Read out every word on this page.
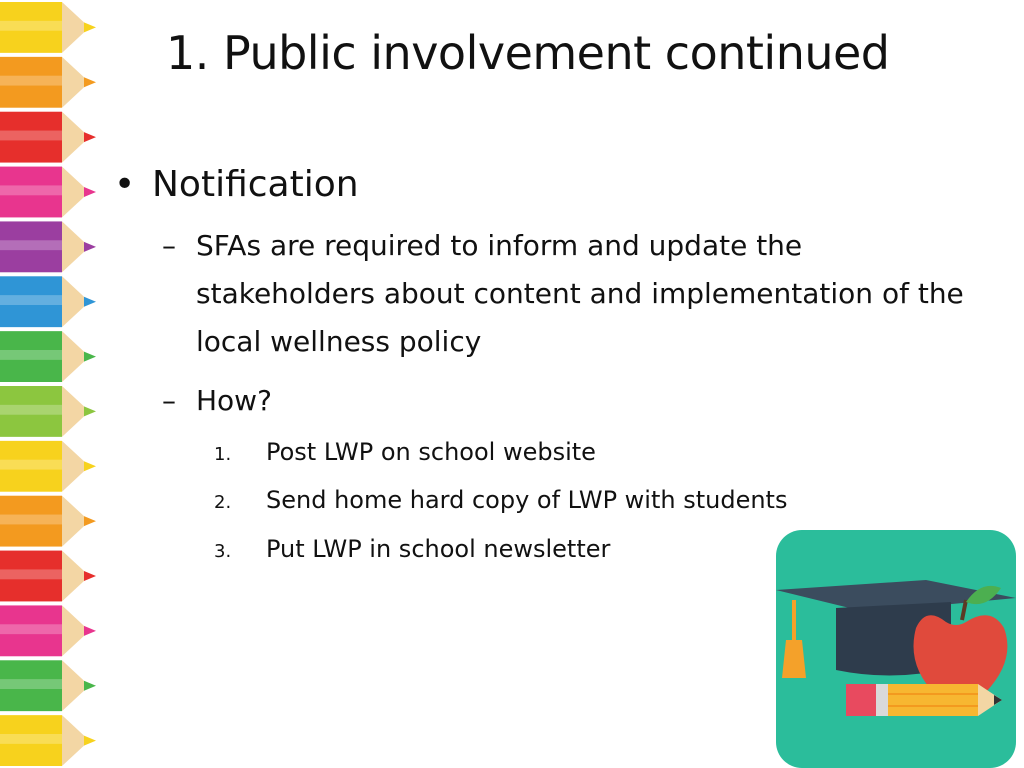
1. Public involvement continued
• Notification
– SFAs are required to inform and update the stakeholders about content and implementation of the local wellness policy
– How?
1. Post LWP on school website
2. Send home hard copy of LWP with students
3. Put LWP in school newsletter
